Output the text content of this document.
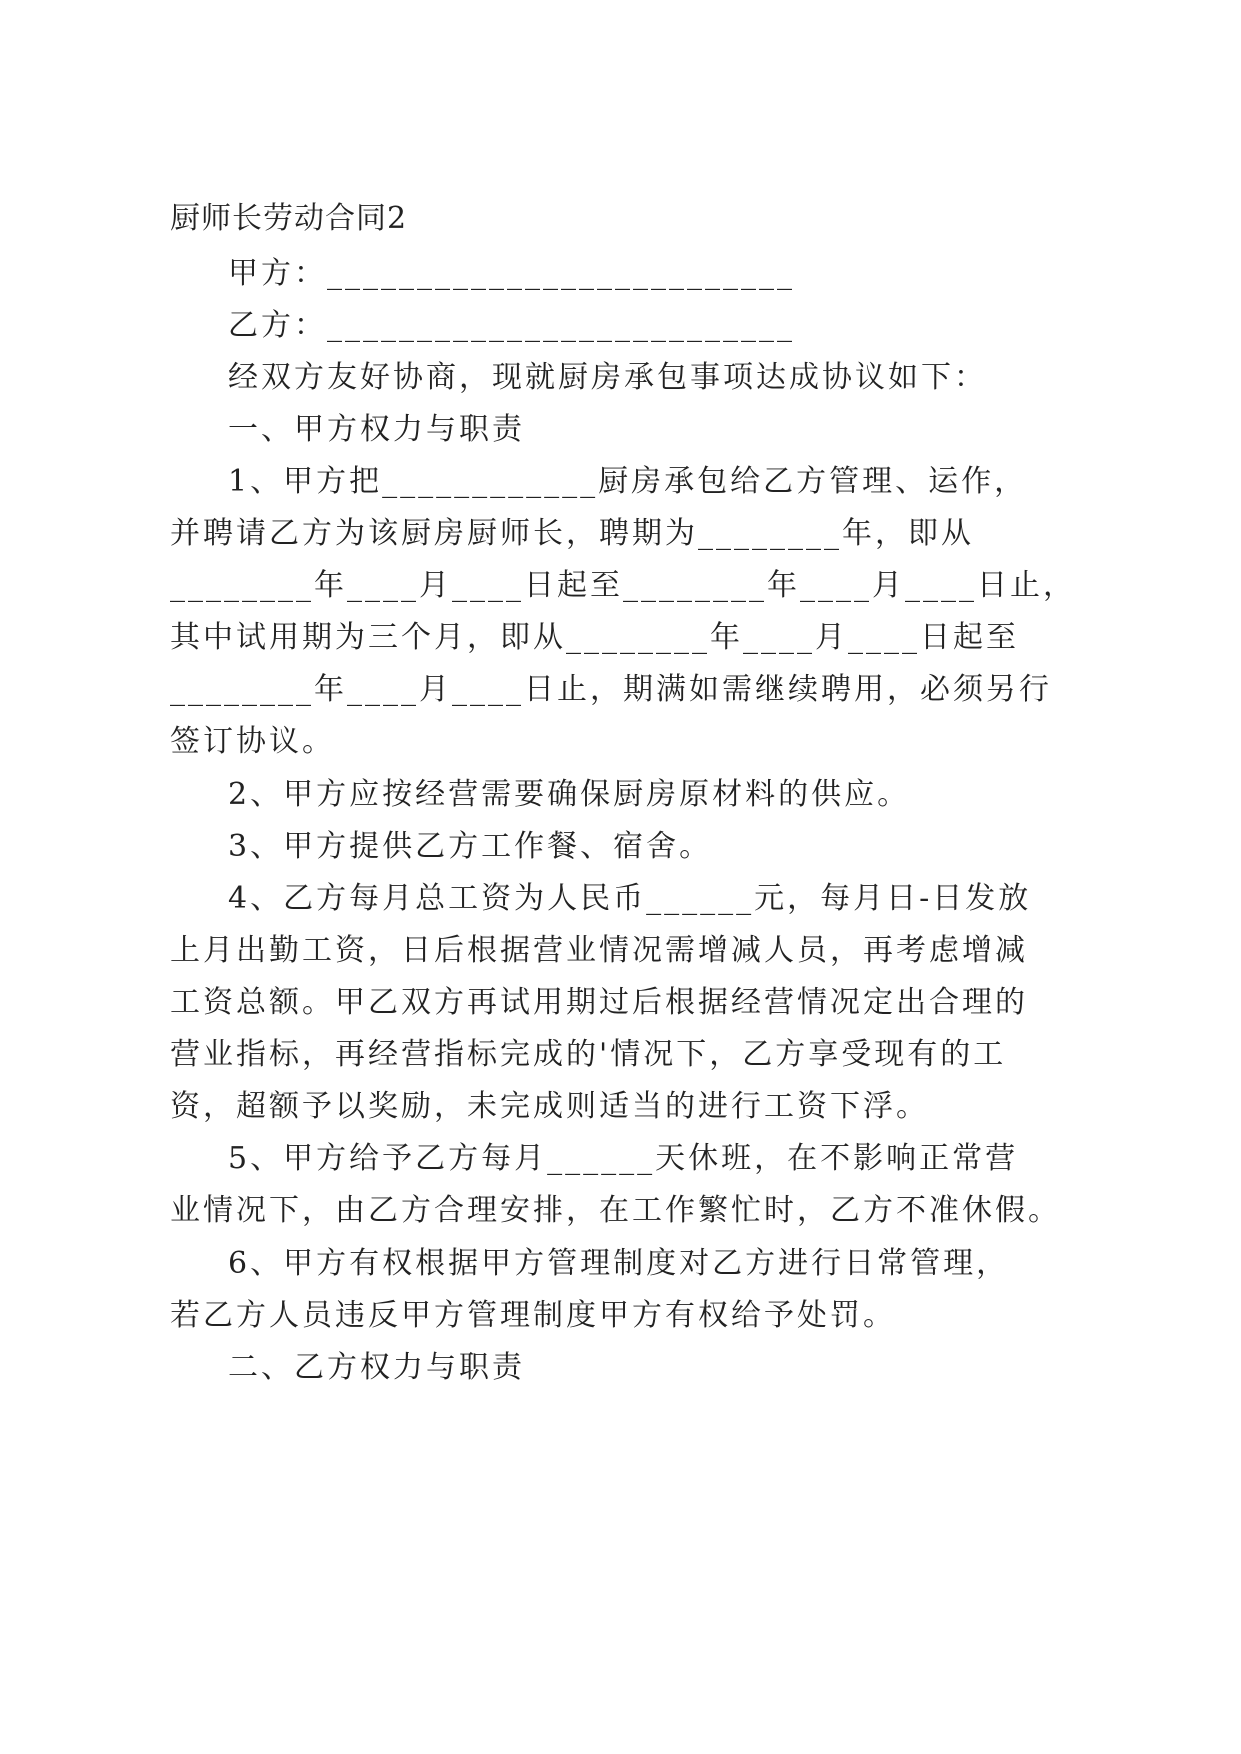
厨师长劳动合同2
甲方：__________________________
乙方：__________________________
经双方友好协商，现就厨房承包事项达成协议如下：
一、甲方权力与职责
1、甲方把____________厨房承包给乙方管理、运作，
并聘请乙方为该厨房厨师长，聘期为________年，即从
________年____月____日起至________年____月____日止，
其中试用期为三个月，即从________年____月____日起至
________年____月____日止，期满如需继续聘用，必须另行
签订协议。
2、甲方应按经营需要确保厨房原材料的供应。
3、甲方提供乙方工作餐、宿舍。
4、乙方每月总工资为人民币______元，每月日-日发放
上月出勤工资，日后根据营业情况需增减人员，再考虑增减
工资总额。甲乙双方再试用期过后根据经营情况定出合理的
营业指标，再经营指标完成的'情况下，乙方享受现有的工
资，超额予以奖励，未完成则适当的进行工资下浮。
5、甲方给予乙方每月______天休班，在不影响正常营
业情况下，由乙方合理安排，在工作繁忙时，乙方不准休假。
6、甲方有权根据甲方管理制度对乙方进行日常管理，
若乙方人员违反甲方管理制度甲方有权给予处罚。
二、乙方权力与职责
